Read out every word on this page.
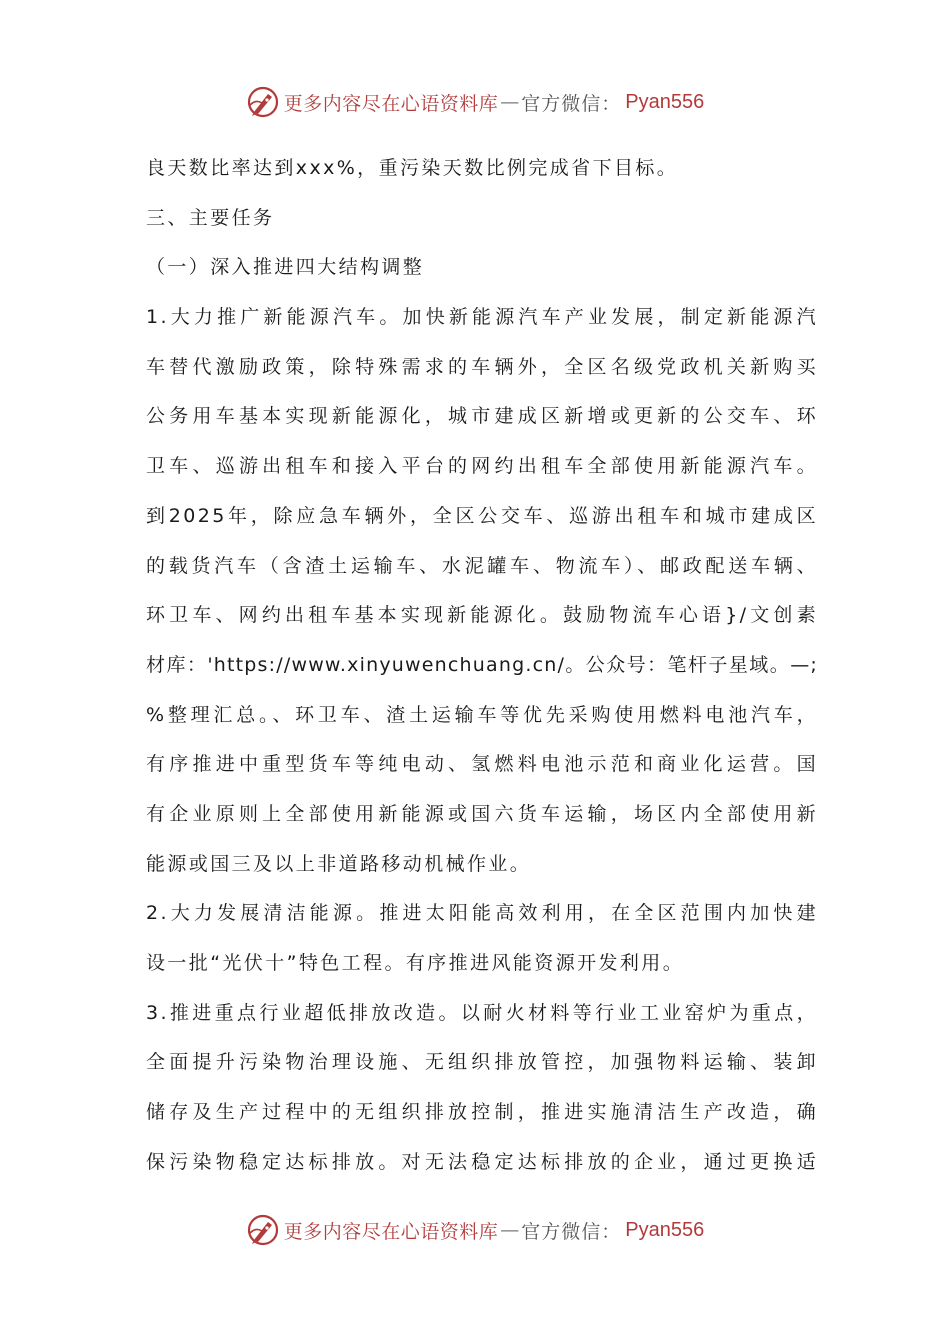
更多内容尽在心语资料库 — 官方微信： Pyan556
良天数比率达到xxx%，重污染天数比例完成省下目标。
三、主要任务
（一）深入推进四大结构调整
1.大力推广新能源汽车。加快新能源汽车产业发展，制定新能源汽
车替代激励政策，除特殊需求的车辆外，全区名级党政机关新购买
公务用车基本实现新能源化，城市建成区新增或更新的公交车、环
卫车、巡游出租车和接入平台的网约出租车全部使用新能源汽车。
到2025年，除应急车辆外，全区公交车、巡游出租车和城市建成区
的载货汽车（含渣土运输车、水泥罐车、物流车）、邮政配送车辆、
环卫车、网约出租车基本实现新能源化。鼓励物流车心语}/文创素
材库：'https://www.xinyuwenchuang.cn/。公众号：笔杆子星域。—;
%整理汇总。、环卫车、渣土运输车等优先采购使用燃料电池汽车，
有序推进中重型货车等纯电动、氢燃料电池示范和商业化运营。国
有企业原则上全部使用新能源或国六货车运输，场区内全部使用新
能源或国三及以上非道路移动机械作业。
2.大力发展清洁能源。推进太阳能高效利用，在全区范围内加快建
设一批“光伏十”特色工程。有序推进风能资源开发利用。
3.推进重点行业超低排放改造。以耐火材料等行业工业窑炉为重点，
全面提升污染物治理设施、无组织排放管控，加强物料运输、装卸
储存及生产过程中的无组织排放控制，推进实施清洁生产改造，确
保污染物稳定达标排放。对无法稳定达标排放的企业，通过更换适
更多内容尽在心语资料库 — 官方微信： Pyan556
